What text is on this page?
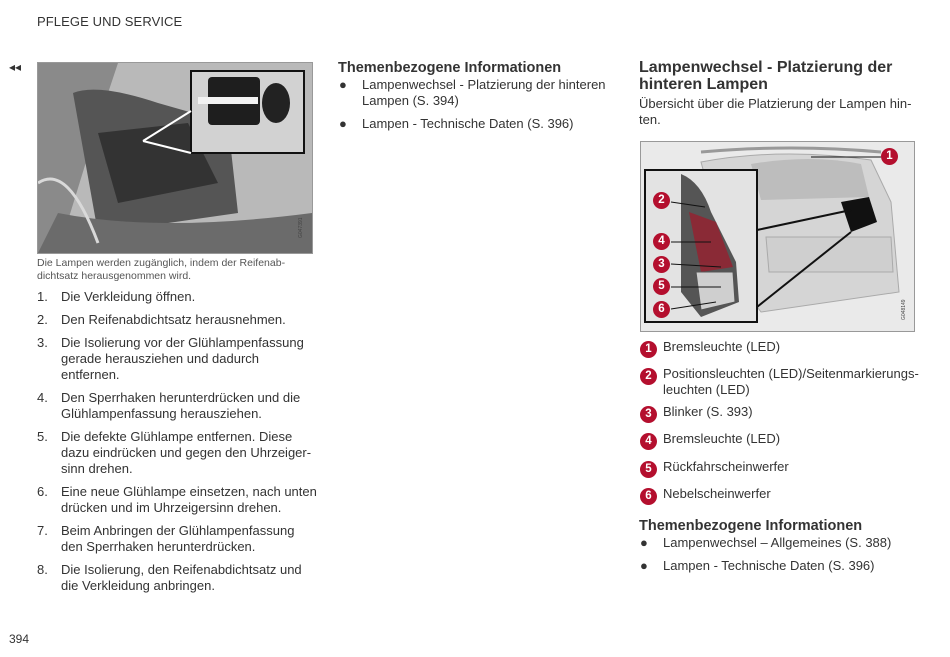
PFLEGE UND SERVICE
◂◂
G047391
Die Lampen werden zugänglich, indem der Reifenab-dichtsatz herausgenommen wird.
1. Die Verkleidung öffnen.
2. Den Reifenabdichtsatz herausnehmen.
3. Die Isolierung vor der Glühlampenfassung gerade herausziehen und dadurch entfernen.
4. Den Sperrhaken herunterdrücken und die Glühlampenfassung herausziehen.
5. Die defekte Glühlampe entfernen. Diese dazu eindrücken und gegen den Uhrzeiger-sinn drehen.
6. Eine neue Glühlampe einsetzen, nach unten drücken und im Uhrzeigersinn drehen.
7. Beim Anbringen der Glühlampenfassung den Sperrhaken herunterdrücken.
8. Die Isolierung, den Reifenabdichtsatz und die Verkleidung anbringen.
Themenbezogene Informationen
● Lampenwechsel - Platzierung der hinteren Lampen (S. 394)
● Lampen - Technische Daten (S. 396)
Lampenwechsel - Platzierung der hinteren Lampen
Übersicht über die Platzierung der Lampen hin-ten.
1
2
4
3
5
6	G048149
1 Bremsleuchte (LED)
2 Positionsleuchten (LED)/Seitenmarkierungs-leuchten (LED)
3 Blinker (S. 393)
4 Bremsleuchte (LED)
5 Rückfahrscheinwerfer
6 Nebelscheinwerfer
Themenbezogene Informationen
● Lampenwechsel – Allgemeines (S. 388)
● Lampen - Technische Daten (S. 396)
394
